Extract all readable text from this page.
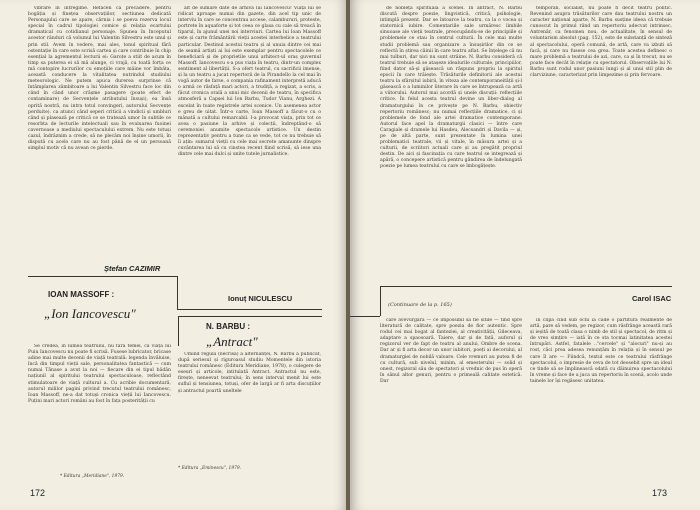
vibrare în întregime. Refăcen ca precădere, pentru bogăția și finețea observațiilor, sectiunea dedicată Personajului care se apare, cărnia i se poeva rezerva locul special în cadrul tipologiei comice și relația ecartului dramatical cu cotidianul personaje. Spunea în Inceputul acestor rânduri că volumul lui Valentin Silvestru este unul și prin stil. Avem în vedere, mai ales, tonul spiritual fără ostentație în care este scrisă cartea și care contribuie în chip esențial la agrementul lecturii ei: Garoțe a stiit de acum în timp sa puterea ei să mă alunge, ci vrajă, cu toată forța ce mă contopire lucrurilor cu emoțiile care mâine vor îmbăta, această conducere la vitalitatea nutrindul studiului meteorologic. Ne putem apuca durerea surprinse că întâmplarea zâmbitoare a lui Valentin Silvestru face loc din când în când unor crâșme pasagere (poate efect de contaminare) de Secvențele atributului însuși), ea însă oprită nostră, nu intra totul convingeri, autorului Secvențe perduite). ca atunci când seperi criticii a vindicii și umbluri când și plasează pe critică ce se tratează umor în subtile ce resorbta de lecturile intelectuali sau în evaluarea fuoinei cavernoase a mediului spectaculului extrem. Nu este totuși cazul, îndrăznim a crede, să ne plecăm noi înșine umorii, în dispută cu acelo care nu au fost până de el un persoană simplul motiv că nu avean ce pierde.

alt de sumare date de arhiva lui Iancovescu! Viața lui se ridicat aproape numai din gazete, din acel tip unic de interviu în care se concentrau accese, calambururi, proteste, portrete în aquaforte și tot ceea ce glasa cu cale să treacă în tiparul, în ajunul unei noi interviuri. Cartea lui Ioan Massoff este și carte frământării vieții acestei interbelice a teatrului particular. Destinul acestui teatru și al unuia dintre cei mai de seamă artiști ai lui este exemplar pentru spectacolele ce beneficiară și de proprietile unui arhitect-ul oraș guvernul Massoff. Iancovescu s-a pus viața în teatru, dintr-un complex sentiment al libertății. S-a ofert teatrul, cu sacrificii imense, și la un teatru a jucat repertorii de la Pirandello la cel mai în vogă autor de farse, o compania rafinament interpretă aducă o armă ce răsfață mari actori, a trudiță, a regizat, a scris, a făcut cronica orală a unui mic decenii de teatru, în specifica atmosferă a Capșei lui Ion Barbu, Tudor Vianu, Arghezi. A excelat în toate registrele artei scenice. Un asemenea actor e greu de uitat. Într-o carte, Ioan Massoff a făcut-o cu o mânată a cultului remarcabil. I-a provocat viața, prin tot ce avea o pasiune la arhive și colecții, îndreptănd-o să ceremoniei anumite spectacole artistice. Un destin reprezentativ pentru a tune ca se vede, tot ce nu trebuie să îi ațin: sumarul vieții cu cele mai secrete amanunte dinspre cuvântarea lui să cu cinstea recent fiind scrisă, să iese una dintre cele mai dulci și unite tutele jurnalistice.

Ștefan CAZIMIR
IOAN MASSOFF :
„Ion Iancovescu"
Ionuț NICULESCU

Se credea, în lumea teatrului, nu fără temei, că viața lui Puiu Iancovescu nu poate fi scrisă. Fusese lubricator, bricase adine mai multe decenii de viață teatrală: legenda învăluise, încă din timpul vieții sale, personalitatea fantastică — cum numai Tănase a avut la noi — fiecare din ei tipul bădăn națiunil al spiritului teatrului spectaculoase, reflectând stimulatoare de viață cultural a. Cu acribie documentară, autorul mililor pagini privind trecutul teatrului românesc, Ioan Massoff, ne-a dat totuși cronica vieții lui Iancovescu. Puțini mari actori români au fost în fața posterității cu

Umind regula (necrisă) a alternanței, N. Barbu a publicat, după seriesul și riguroasul studiu Momentele din istoria teatrului românesc (Editura Meridiane, 1978), o culegere de eseuri și articole, intitulată Antract. Antractul nu este, firește, neneevat teatrului; în sens interval menit lui este suflul și tensiunea, totuși, ofer de largă ar fi arta discuțiilor și antractul poartă uneltele

* Editura „Eminescu", 1979.
* Editura „Meridiane", 1979.
172

de nobleța spirituală a scenei. În antract, N. Barbu discută despre poezie, lingvistică, critică, psihologie, intimplă prezent. Dar se întoarce la teatru, ca la o vocea și statornică iubire. Comentariile sale urmăresc limbile sinuoase ale vieții teatrale, preocupându-se de principiile și problemele ce stau în centrul culturii. În cele mai multe studii problemă sau organizare a însușirilor din ce se reflectă în știrea câinii în care teatru aflat. Se înțelege că nu mai tulburi, dar nici nu sunt străine. N. Barbu consideră că teatrul trebuie să se atașeze idealurile culturale, principiilor, fiind dator să-și găsească un răspuns propriu la spiritul epocii în care trăiește. Trăsăturile definitorii ale acestui teatru la sfârșitul iubirii, în viteza ale contemporaneității și-l găsească o a luminilor literare în care se întrupează ca artă a viitorului. Autorul mai acordă și unele discuții: reflecțiile critice. În felul acesta teatrul devine un liber-dialog al dramaturgului în ce privește pe N. Barbu, obiectiv repertoriu românesc; nu numai reflecțiile dramatice, ci și problemele de fond ale artei dramatice contemporane. Autorul face apel la dramaturgii clasici — între care Caragiale și dramele lui Hasdeu, Alecsandri și Davila — și, pe de altă parte, sunt prezentate în lumina unei problematici teatrale, vii și vitale, în măsura artei și a culturii, de scriitori actuali care și au pregătit propriul destin. De aici și fascinația cu care teatrul se integrează și apără, o concepere artistică pentru gândirea de îndelungată poezie pe lumea teatrului cu care se îmbogățește.

temporan, socialist, nu poate fi decit teatru politic. Revenind asupra trăsăturilor care dau teatrului nostru un caracter național aparte, N. Barbu susține ideea că trebuie cunoscut în primul rând un repertoriu adecvat intrinsec, Antrenăr, ca fenomen nou, de actualitate, în sensul de voluntarism absolut (pag. 152), este de substanță de sinteză al spectacolului, operă comună, de artă, care va izbuti să facă, și care nu fusese cea grea. Toate acestea definesc o mare problemă a teatrului de azi, care, ca și în trecut, nu se poate face decât în relație cu spectatorul. Observațiile lui N. Barbu sunt rodul unor pasiuni lungi și al unui stil plin de clarviziune, caracterizat prin limpezime și prin fervoare.

Carol ISAC
(Continuare de la p. 165)

care avevurgară — ce impossibil să fie sitile — tind spre literatură de calitate, spre poezia de fior autentic. Spre rodul cei mai bogat al fanteziei, al creativității, Gileceava, adaptare a spaosoară. Taiere, dar și de fată, auforul și regizorul ver de fapt de teatru al anului, Ombre de scena. Dar ar și fi arta decor un unor iubitori, poeți ai decorului, al dramaturgiei de nobilă valoare. Cele vremuri au putea fi de cu cultură, sub nivelul, minim, al emesterului — solid și onest, regizoral sâu de spectatori și vrednic de pus în operă în sânul altor genuri, pentru o primeală calitate estetică. Dar

în clipa cînd sub ochi ia cade o partitură realmente de artă, pare să vedem, pe regizor, cum răsfrânge această rară și ieșită de toată clasa o nimb de stil și spectacol, de ritm și de vreo simțire — iată în ce sta tocmai latinitatea acestei întrupări. Astfel, fatalele .."cercele" și "alocuri" nu-și au rost, căci prea adesea renunțăm în relația și în sensul pe care îl are — Fiindcă, textul este ce teatrului răsfrânge spectacolul, o impresie de ceva de tot deosebit spre un ideal ce tinde să se împlinească odată cu dăinuirea spectacolului în vreme și face de a juca un repertoriu în scenă, acolo unde tainele lor își regăsesc unitatea.

173
N. BARBU :
„Antract"
